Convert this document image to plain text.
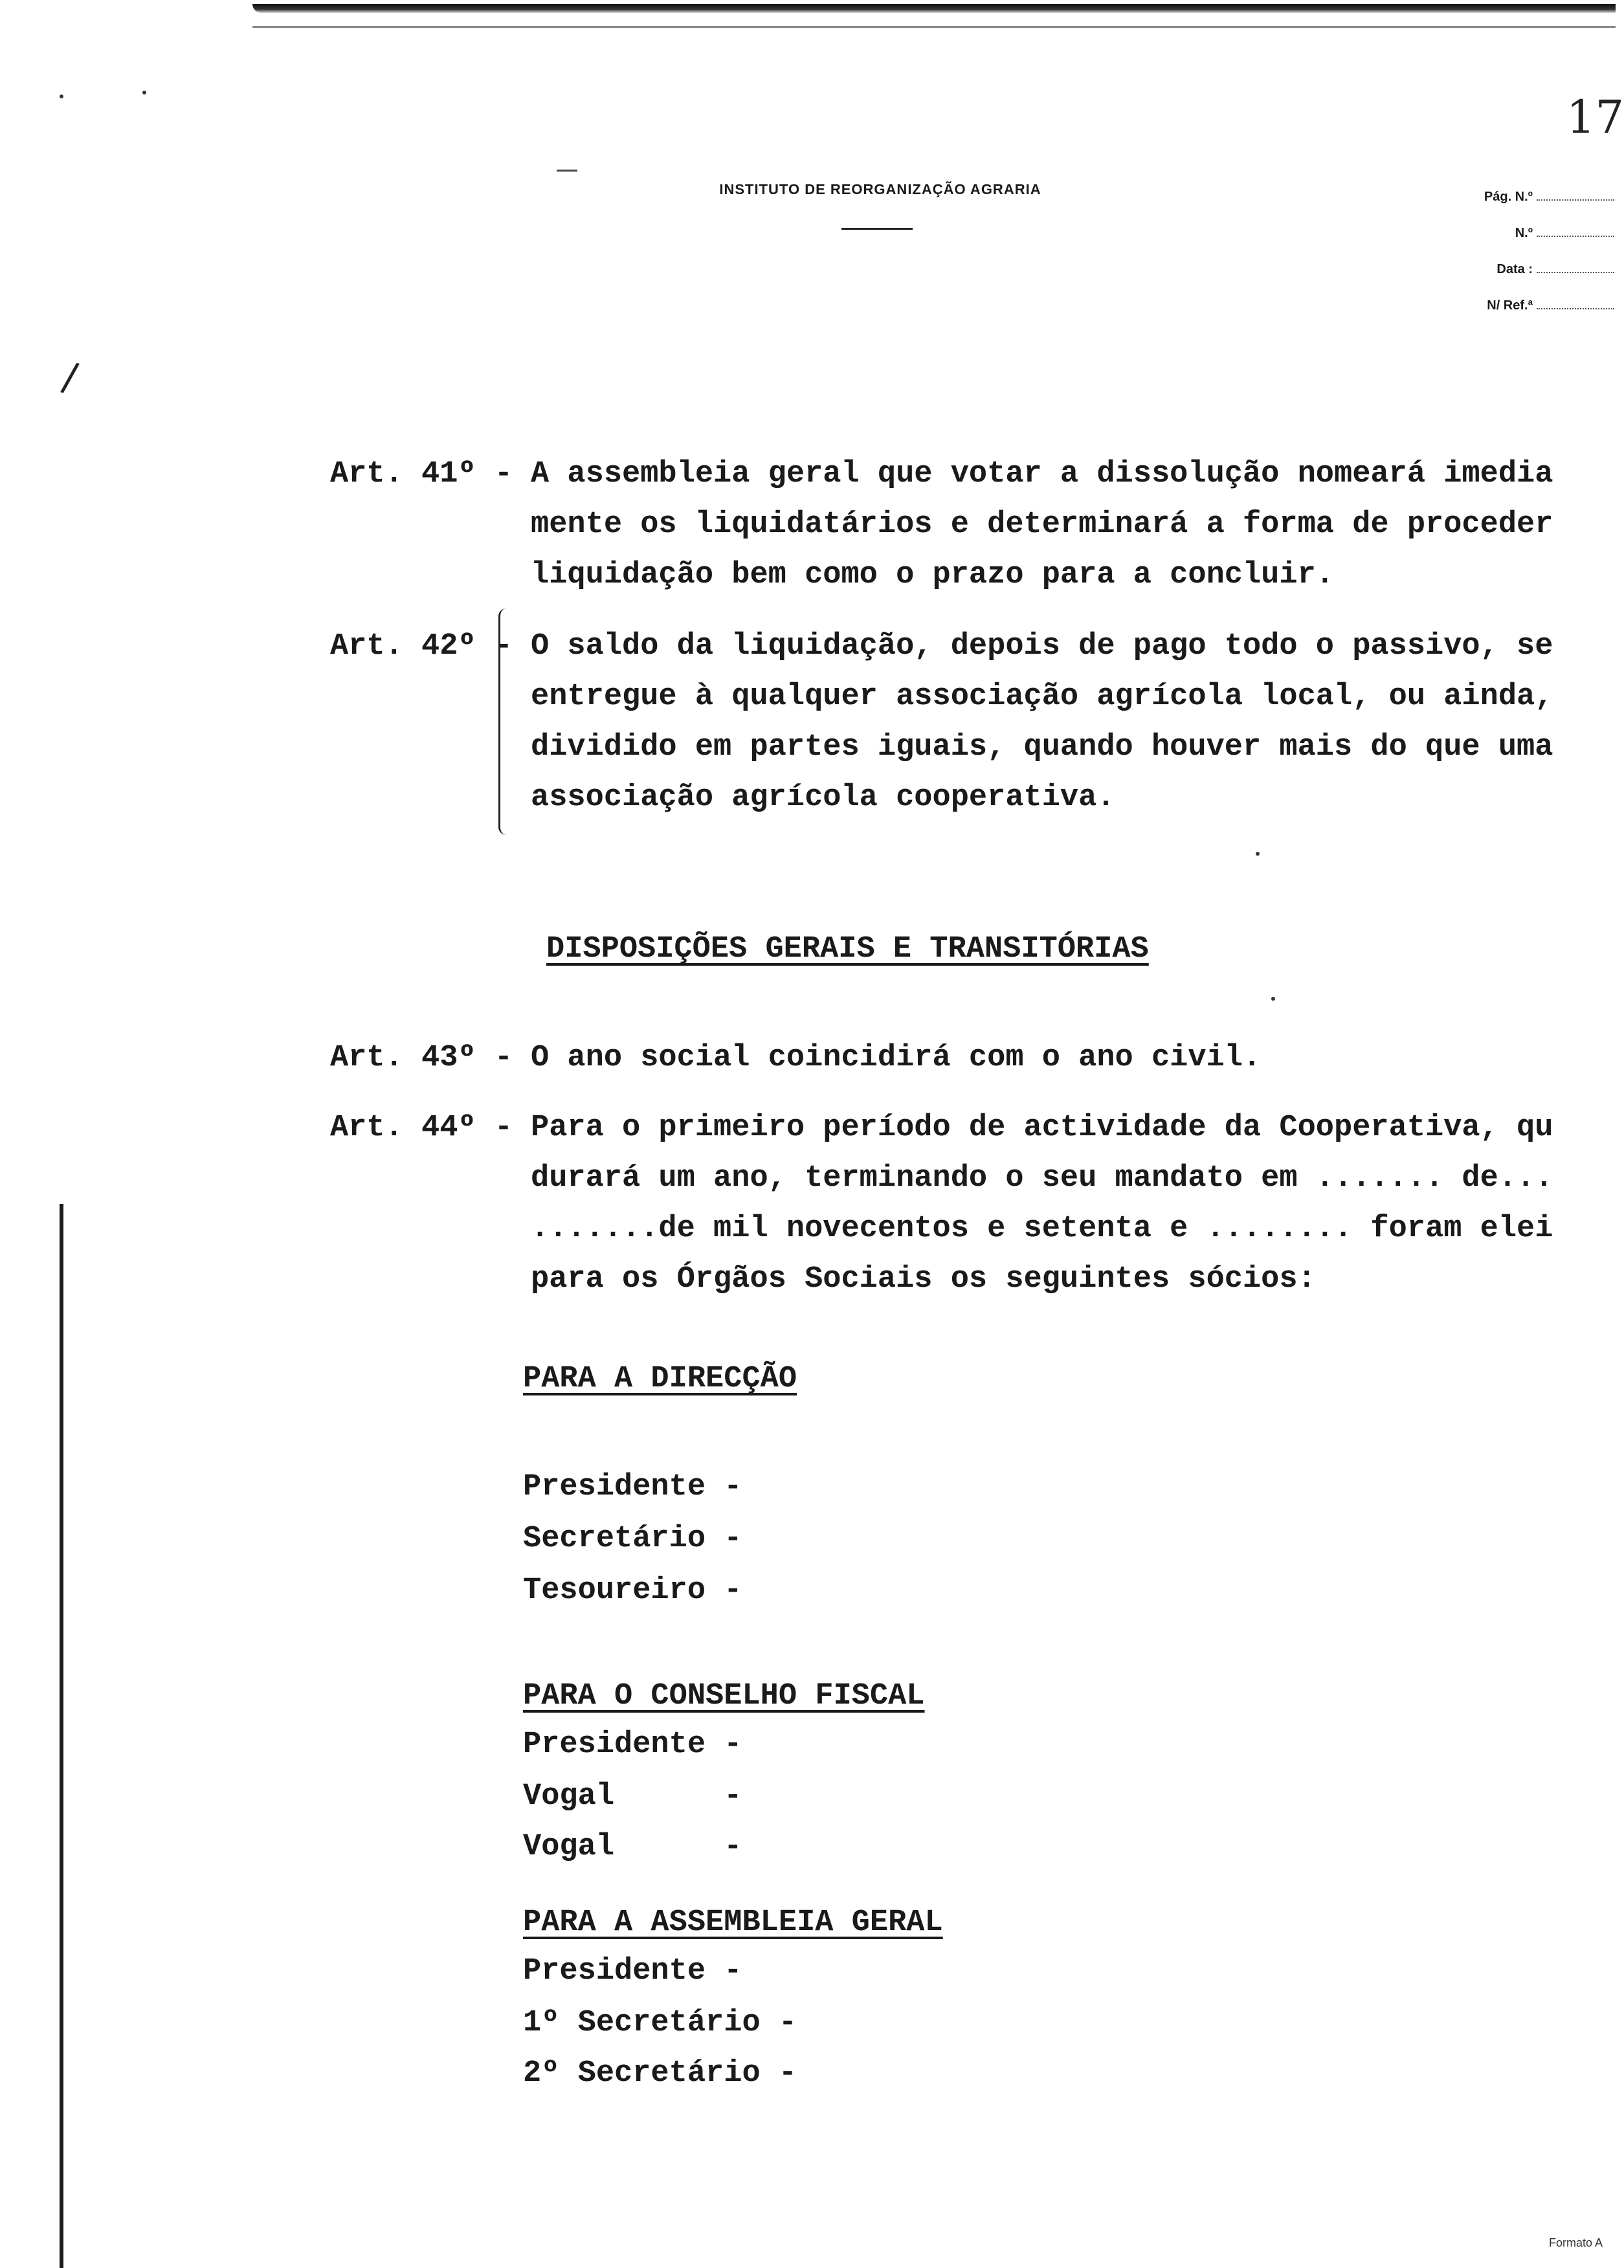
/
INSTITUTO DE REORGANIZAÇÃO AGRARIA
17
Pág. N.º
N.º
Data :
N/ Ref.ª
Art. 41º - A assembleia geral que votar a dissolução nomeará imedia
mente os liquidatários e determinará a forma de proceder
liquidação bem como o prazo para a concluir.
Art. 42º - O saldo da liquidação, depois de pago todo o passivo, se
entregue à qualquer associação agrícola local, ou ainda,
dividido em partes iguais, quando houver mais do que uma
associação agrícola cooperativa.
DISPOSIÇÕES GERAIS E TRANSITÓRIAS
Art. 43º - O ano social coincidirá com o ano civil.
Art. 44º - Para o primeiro período de actividade da Cooperativa, qu
durará um ano, terminando o seu mandato em ....... de...
.......de mil novecentos e setenta e ........ foram elei
para os Órgãos Sociais os seguintes sócios:
PARA A DIRECÇÃO
Presidente -
Secretário -
Tesoureiro -
PARA O CONSELHO FISCAL
Presidente -
Vogal      -
Vogal      -
PARA A ASSEMBLEIA GERAL
Presidente -
1º Secretário -
2º Secretário -
Formato A
